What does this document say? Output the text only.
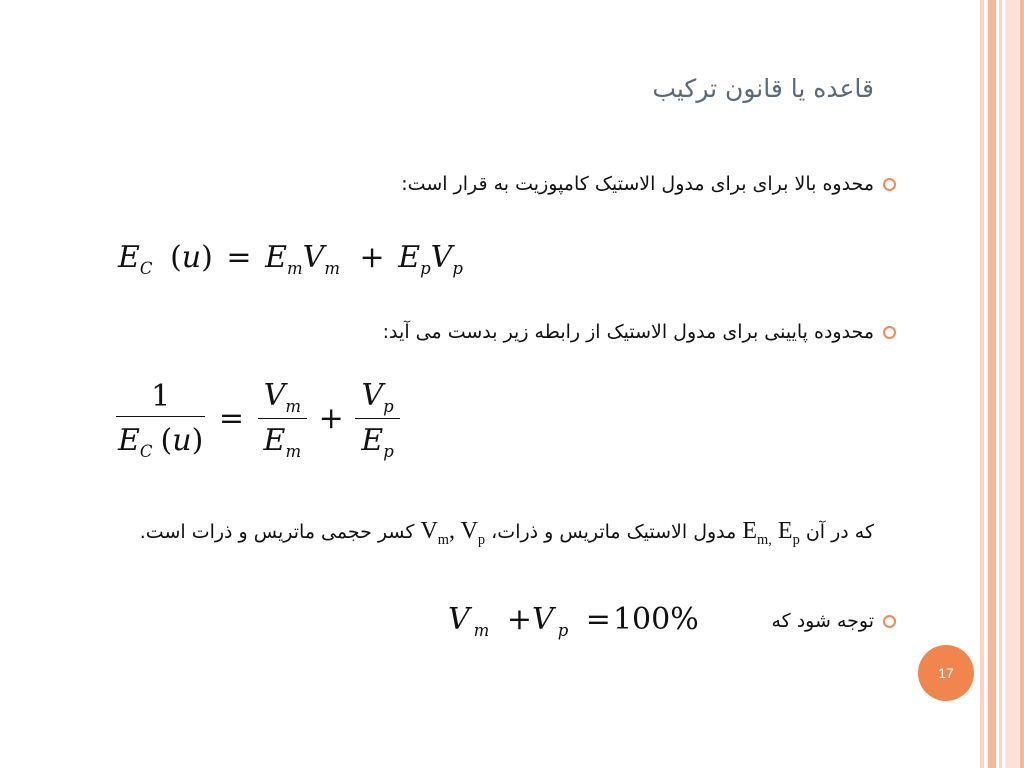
قاعده یا قانون ترکیب
محدوه بالا برای برای مدول الاستیک کامپوزیت به قرار است:
$E_C$ $(u) = E_mV_m + E_pV_p$
محدوده پایینی برای مدول الاستیک از رابطه زیر بدست می آید:
$\frac{1}{E_C (u)} = \frac{V_m}{E_m} + \frac{V_p}{E_p}$
که در آن $E_{m,}$ $E_p$ مدول الاستیک ماتریس و ذرات، $V_m$, $V_p$ کسر حجمی ماتریس و ذرات است.
توجه شود که
V $_m$ +V $_p$ =100%
17
